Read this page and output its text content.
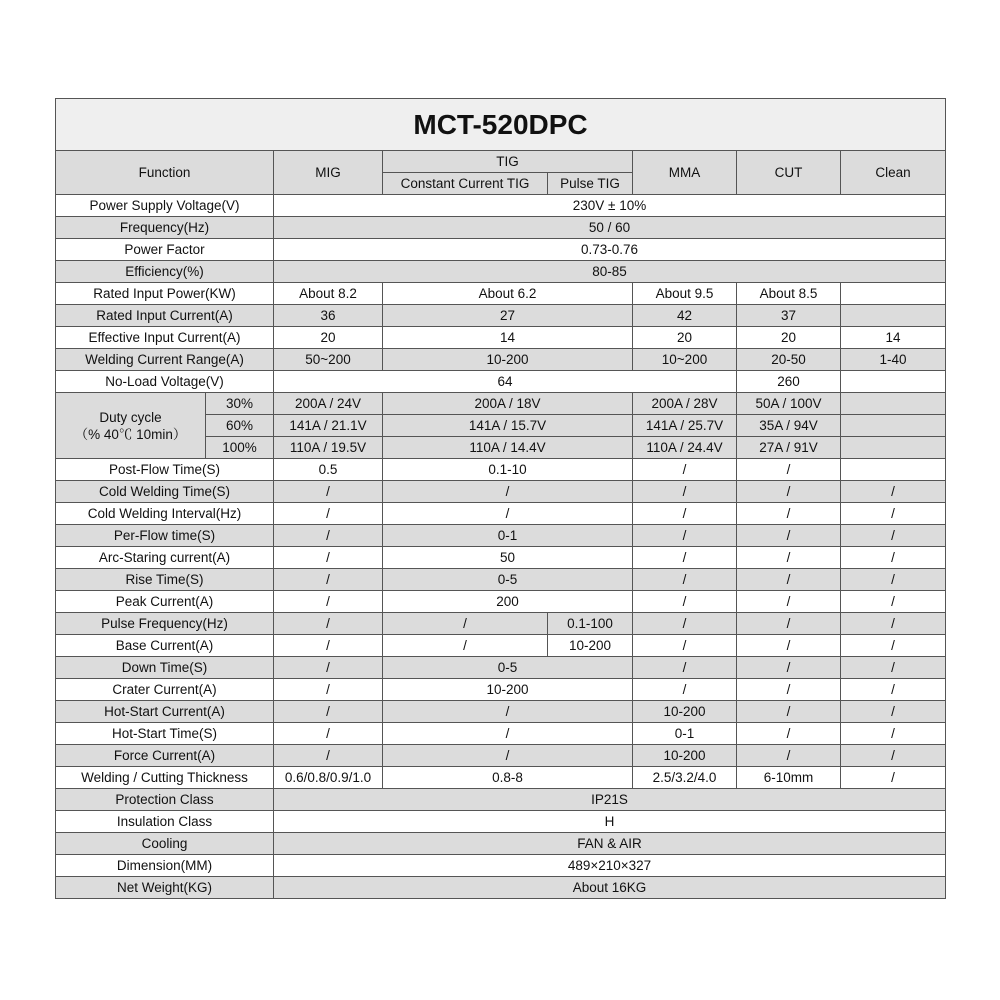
MCT-520DPC							
Function		MIG	TIG		MMA	CUT	Clean
			Constant Current TIG	Pulse TIG			
Power Supply Voltage(V)		230V ± 10%					
Frequency(Hz)		50 / 60					
Power Factor		0.73-0.76					
Efficiency(%)		80-85					
Rated Input Power(KW)		About 8.2	About 6.2		About 9.5	About 8.5	
Rated Input Current(A)		36	27		42	37	
Effective Input Current(A)		20	14		20	20	14
Welding Current Range(A)		50~200	10-200		10~200	20-50	1-40
No-Load Voltage(V)		64				260	
Duty cycle
（% 40℃ 10min）	30%	200A / 24V	200A / 18V		200A / 28V	50A / 100V	
	60%	141A / 21.1V	141A / 15.7V		141A / 25.7V	35A / 94V	
	100%	110A / 19.5V	110A / 14.4V		110A / 24.4V	27A / 91V	
Post-Flow Time(S)		0.5	0.1-10		/	/	
Cold Welding Time(S)		/	/		/	/	/
Cold Welding Interval(Hz)		/	/		/	/	/
Per-Flow time(S)		/	0-1		/	/	/
Arc-Staring current(A)		/	50		/	/	/
Rise Time(S)		/	0-5		/	/	/
Peak Current(A)		/	200		/	/	/
Pulse Frequency(Hz)		/	/	0.1-100	/	/	/
Base Current(A)		/	/	10-200	/	/	/
Down Time(S)		/	0-5		/	/	/
Crater Current(A)		/	10-200		/	/	/
Hot-Start Current(A)		/	/		10-200	/	/
Hot-Start Time(S)		/	/		0-1	/	/
Force Current(A)		/	/		10-200	/	/
Welding / Cutting Thickness		0.6/0.8/0.9/1.0	0.8-8		2.5/3.2/4.0	6-10mm	/
Protection Class		IP21S					
Insulation Class		H					
Cooling		FAN & AIR					
Dimension(MM)		489×210×327					
Net Weight(KG)		About 16KG					
